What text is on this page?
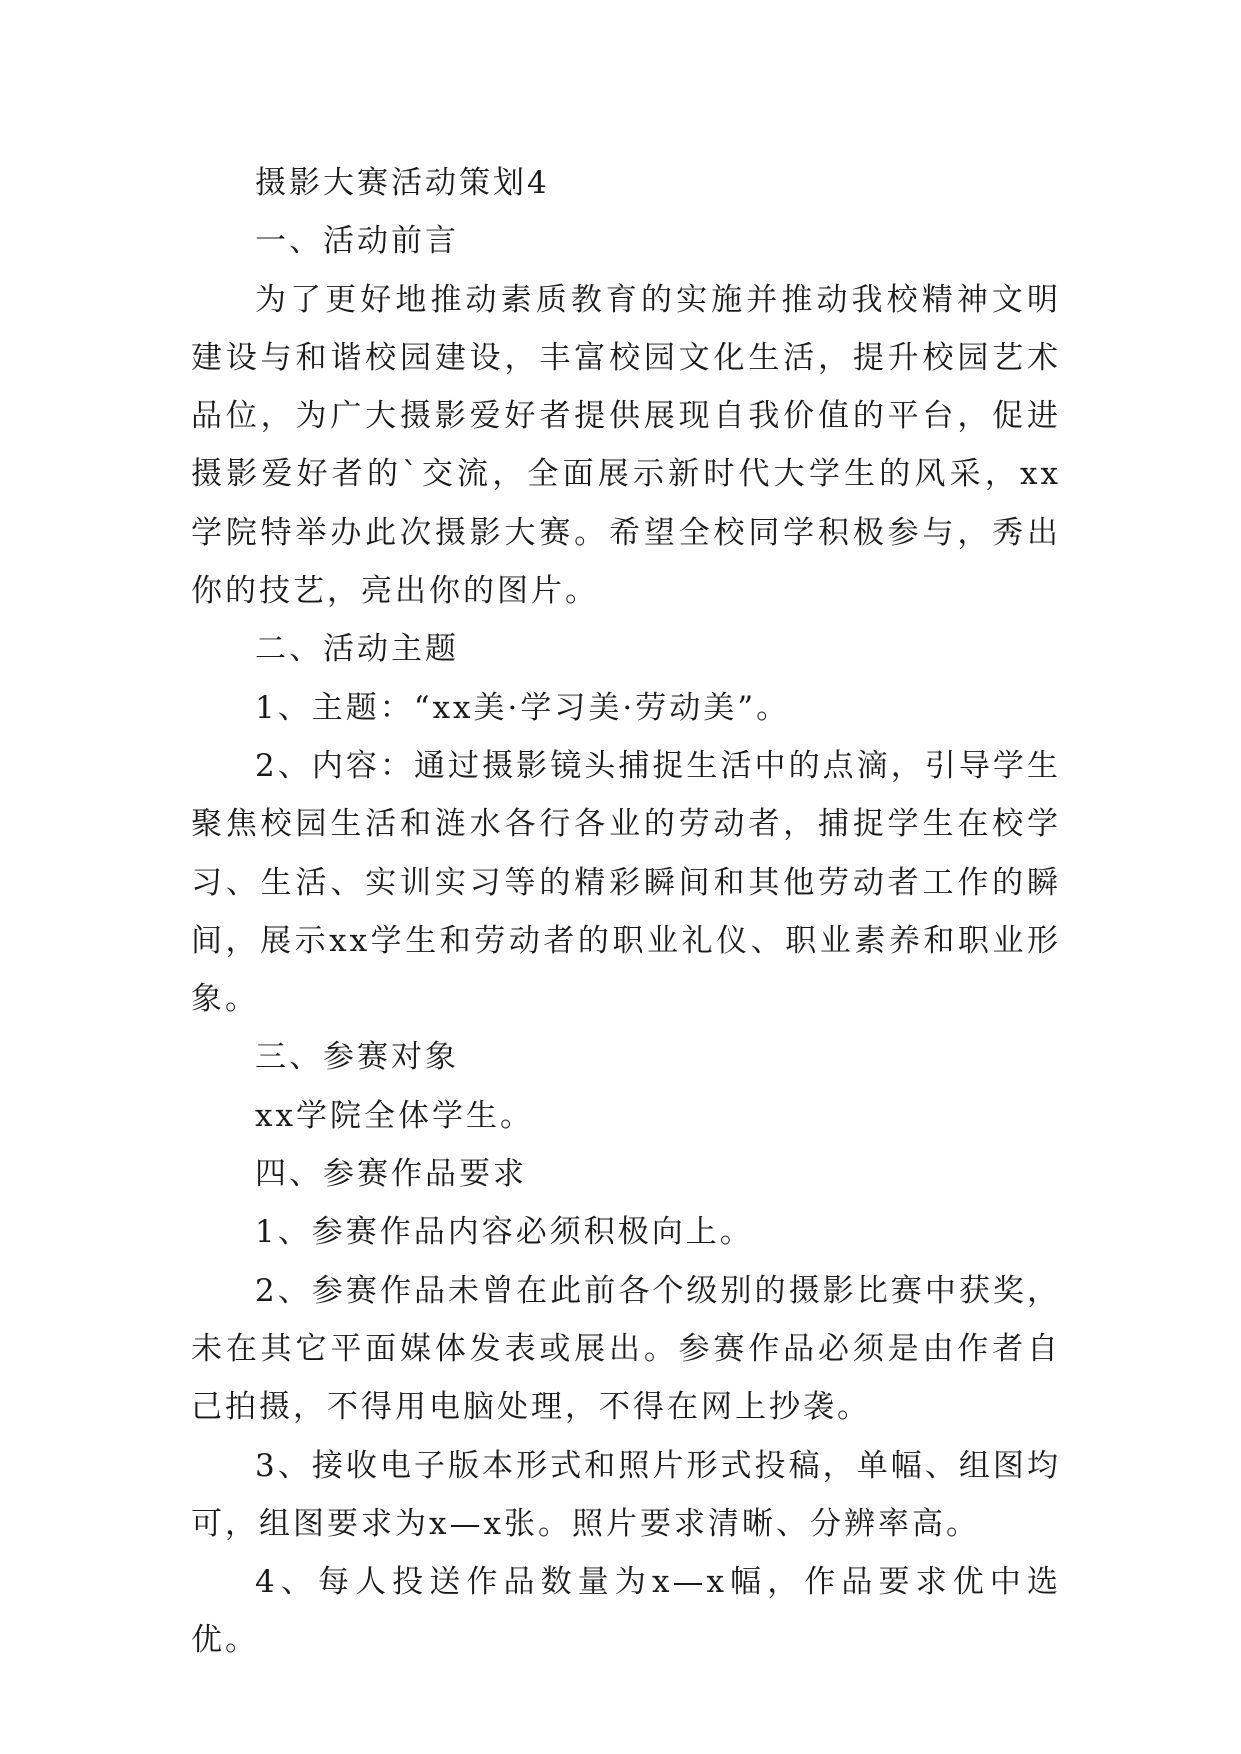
摄影大赛活动策划4
一、活动前言
为了更好地推动素质教育的实施并推动我校精神文明建设与和谐校园建设，丰富校园文化生活，提升校园艺术品位，为广大摄影爱好者提供展现自我价值的平台，促进摄影爱好者的`交流，全面展示新时代大学生的风采，xx学院特举办此次摄影大赛。希望全校同学积极参与，秀出你的技艺，亮出你的图片。
二、活动主题
1、主题：“xx美·学习美·劳动美”。
2、内容：通过摄影镜头捕捉生活中的点滴，引导学生聚焦校园生活和涟水各行各业的劳动者，捕捉学生在校学习、生活、实训实习等的精彩瞬间和其他劳动者工作的瞬间，展示xx学生和劳动者的职业礼仪、职业素养和职业形象。
三、参赛对象
xx学院全体学生。
四、参赛作品要求
1、参赛作品内容必须积极向上。
2、参赛作品未曾在此前各个级别的摄影比赛中获奖，未在其它平面媒体发表或展出。参赛作品必须是由作者自己拍摄，不得用电脑处理，不得在网上抄袭。
3、接收电子版本形式和照片形式投稿，单幅、组图均可，组图要求为x—x张。照片要求清晰、分辨率高。
4、每人投送作品数量为x—x幅，作品要求优中选优。
